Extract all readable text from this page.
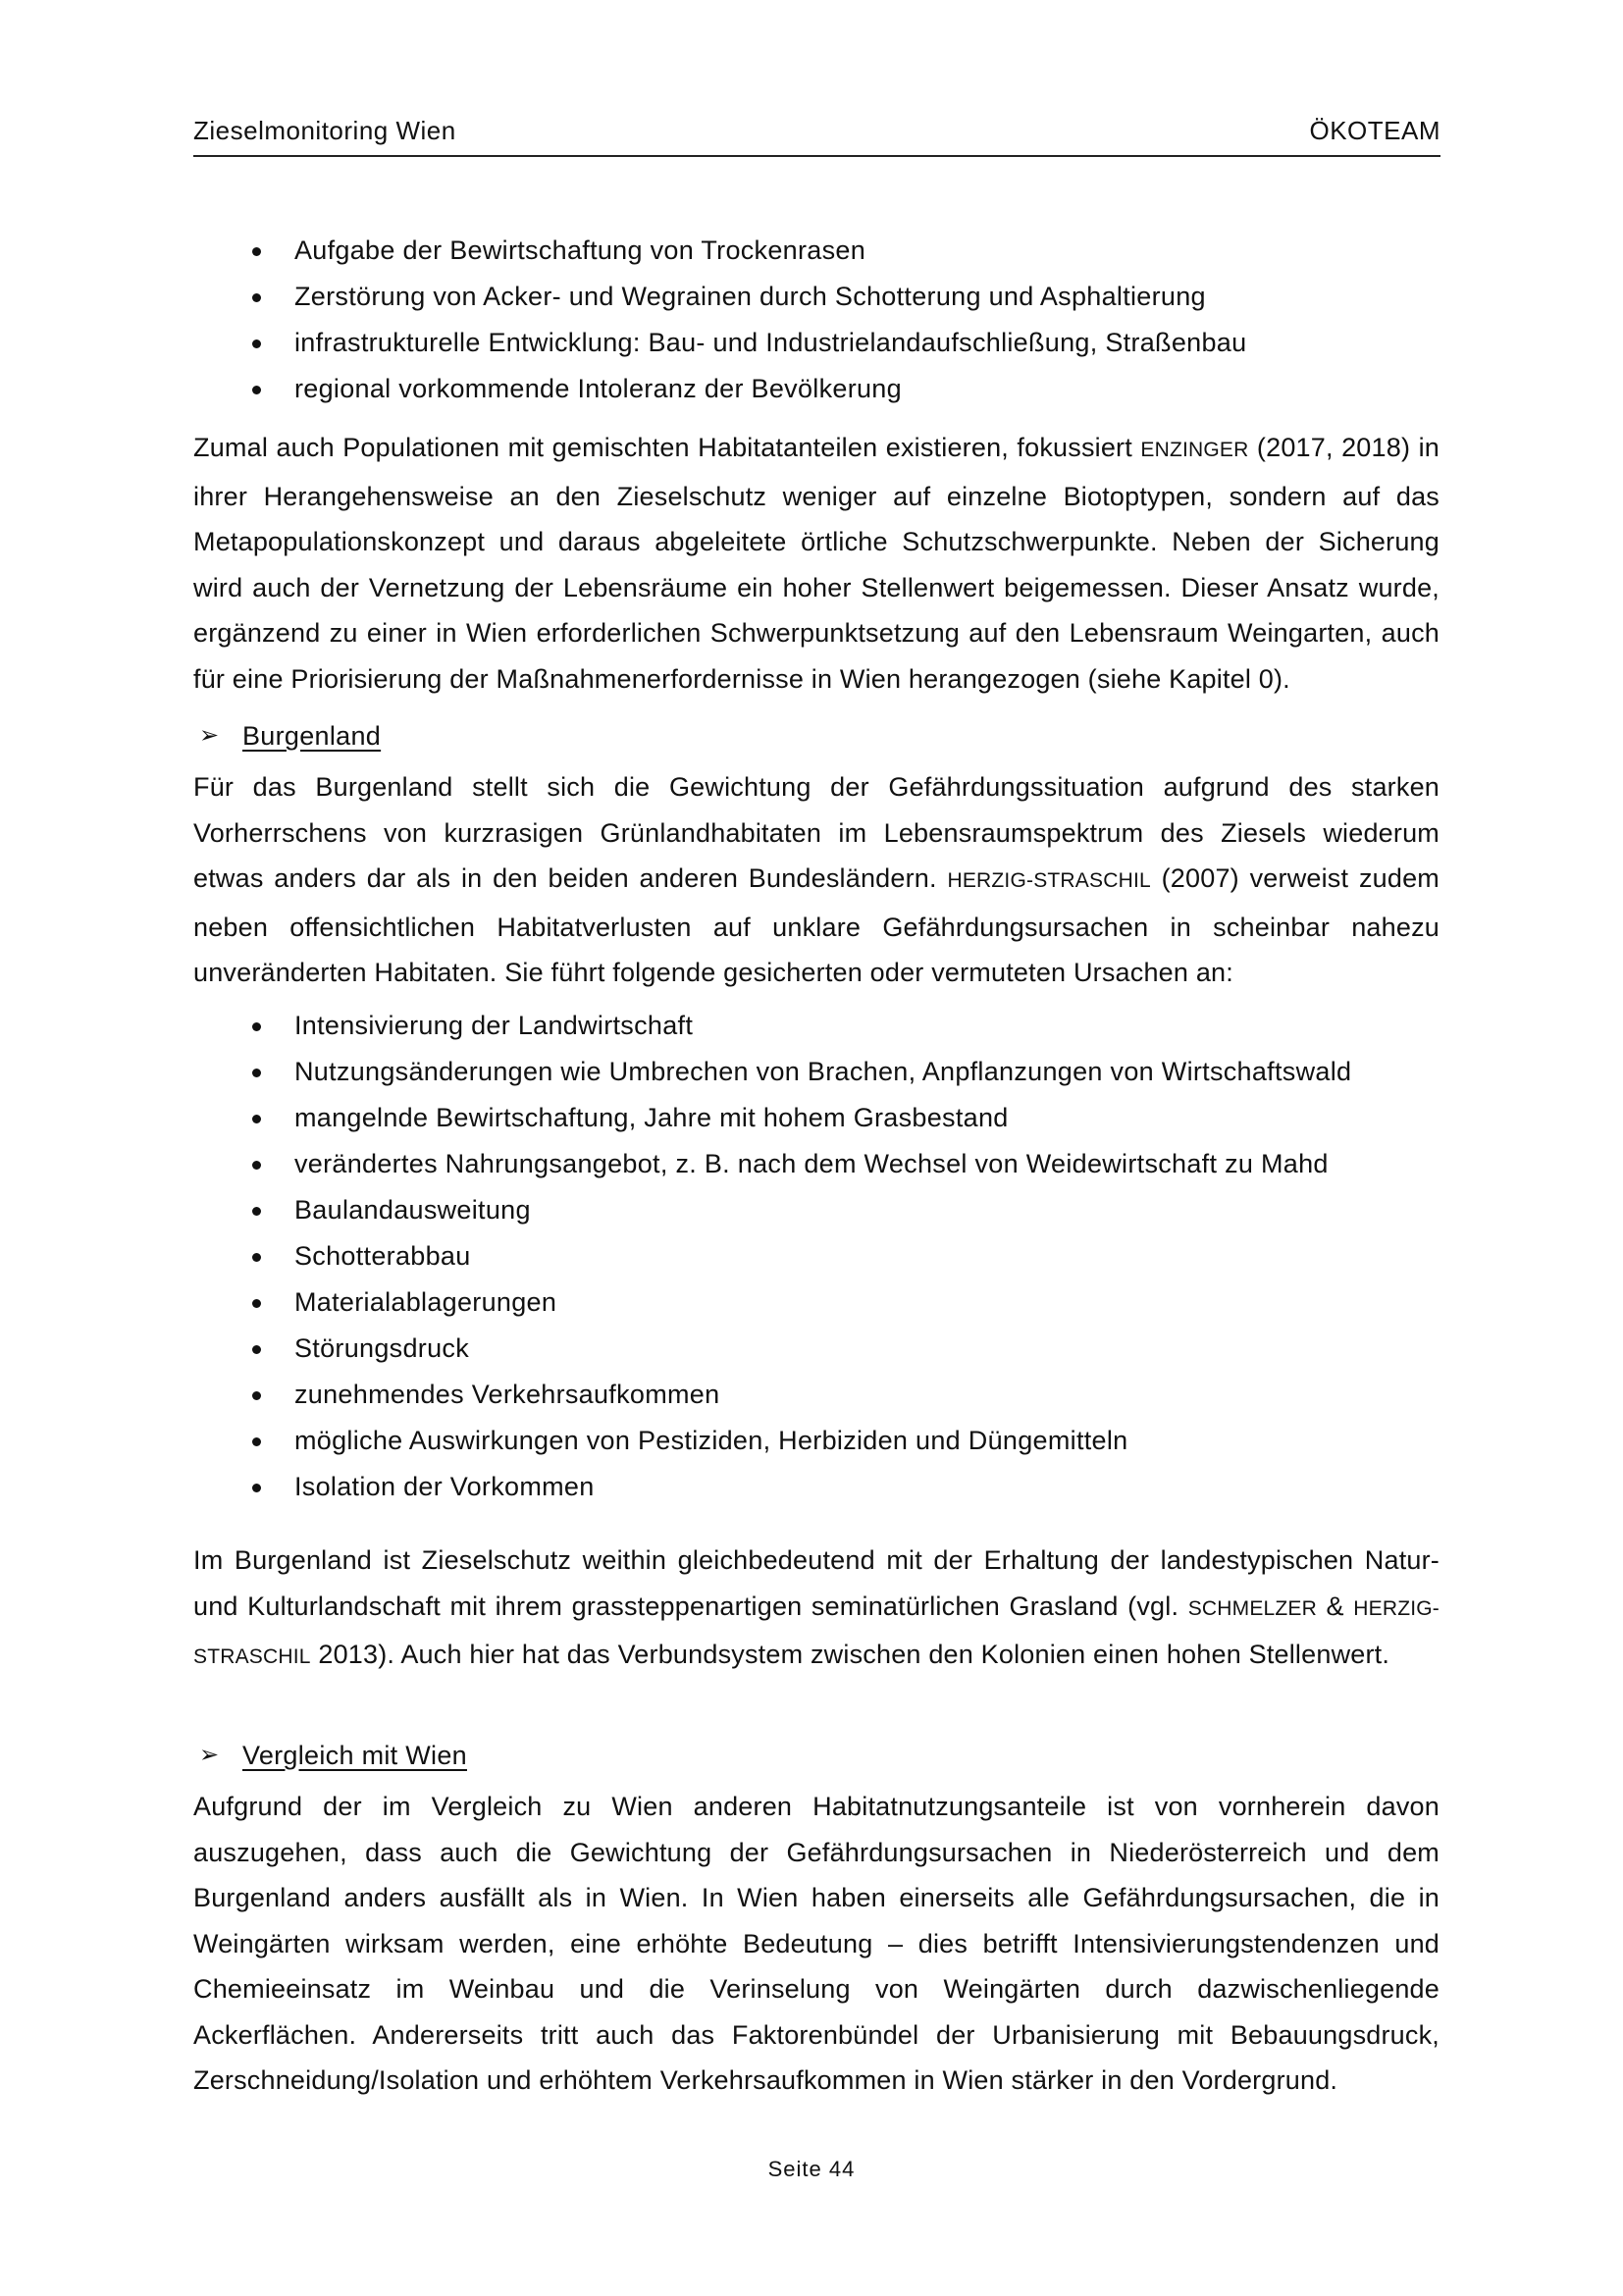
Zieselmonitoring Wien	ÖKOTEAM
Aufgabe der Bewirtschaftung von Trockenrasen
Zerstörung von Acker- und Wegrainen durch Schotterung und Asphaltierung
infrastrukturelle Entwicklung: Bau- und Industrielandaufschließung, Straßenbau
regional vorkommende Intoleranz der Bevölkerung

Zumal auch Populationen mit gemischten Habitatanteilen existieren, fokussiert ENZINGER (2017, 2018) in ihrer Herangehensweise an den Zieselschutz weniger auf einzelne Biotoptypen, sondern auf das Metapopulationskonzept und daraus abgeleitete örtliche Schutzschwerpunkte. Neben der Sicherung wird auch der Vernetzung der Lebensräume ein hoher Stellenwert beigemessen. Dieser Ansatz wurde, ergänzend zu einer in Wien erforderlichen Schwerpunktsetzung auf den Lebensraum Weingarten, auch für eine Priorisierung der Maßnahmenerfordernisse in Wien herangezogen (siehe Kapitel 0).

➢ Burgenland

Für das Burgenland stellt sich die Gewichtung der Gefährdungssituation aufgrund des starken Vorherrschens von kurzrasigen Grünlandhabitaten im Lebensraumspektrum des Ziesels wiederum etwas anders dar als in den beiden anderen Bundesländern. HERZIG-STRASCHIL (2007) verweist zudem neben offensichtlichen Habitatverlusten auf unklare Gefährdungsursachen in scheinbar nahezu unveränderten Habitaten. Sie führt folgende gesicherten oder vermuteten Ursachen an:

Intensivierung der Landwirtschaft
Nutzungsänderungen wie Umbrechen von Brachen, Anpflanzungen von Wirtschaftswald
mangelnde Bewirtschaftung, Jahre mit hohem Grasbestand
verändertes Nahrungsangebot, z. B. nach dem Wechsel von Weidewirtschaft zu Mahd
Baulandausweitung
Schotterabbau
Materialablagerungen
Störungsdruck
zunehmendes Verkehrsaufkommen
mögliche Auswirkungen von Pestiziden, Herbiziden und Düngemitteln
Isolation der Vorkommen

Im Burgenland ist Zieselschutz weithin gleichbedeutend mit der Erhaltung der landestypischen Natur- und Kulturlandschaft mit ihrem grassteppenartigen seminatürlichen Grasland (vgl. SCHMELZER & HERZIG-STRASCHIL 2013). Auch hier hat das Verbundsystem zwischen den Kolonien einen hohen Stellenwert.

➢ Vergleich mit Wien

Aufgrund der im Vergleich zu Wien anderen Habitatnutzungsanteile ist von vornherein davon auszugehen, dass auch die Gewichtung der Gefährdungsursachen in Niederösterreich und dem Burgenland anders ausfällt als in Wien. In Wien haben einerseits alle Gefährdungsursachen, die in Weingärten wirksam werden, eine erhöhte Bedeutung – dies betrifft Intensivierungstendenzen und Chemieeinsatz im Weinbau und die Verinselung von Weingärten durch dazwischenliegende Ackerflächen. Andererseits tritt auch das Faktorenbündel der Urbanisierung mit Bebauungsdruck, Zerschneidung/Isolation und erhöhtem Verkehrsaufkommen in Wien stärker in den Vordergrund.

Seite 44
